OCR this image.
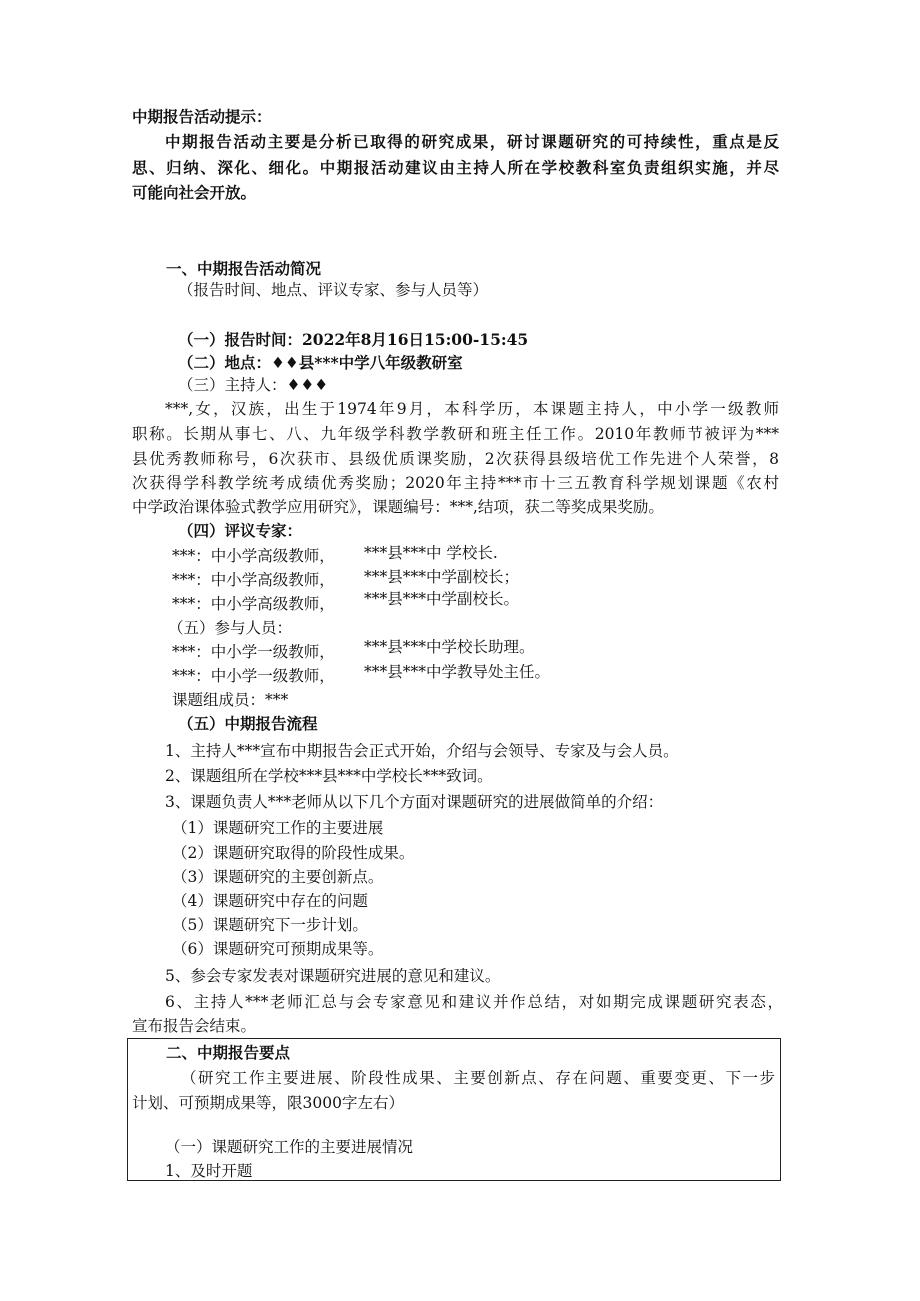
中期报告活动提示：
中期报告活动主要是分析已取得的研究成果，研讨课题研究的可持续性，重点是反
思、归纳、深化、细化。中期报活动建议由主持人所在学校教科室负责组织实施，并尽
可能向社会开放。
一、中期报告活动简况
（报告时间、地点、评议专家、参与人员等）
（一）报告时间：2022年8月16日15:00-15:45
（二）地点：♦♦县***中学八年级教研室
（三）主持人：♦♦♦
***,女，汉族，出生于1974年9月，本科学历，本课题主持人，中小学一级教师
职称。长期从事七、八、九年级学科教学教研和班主任工作。2010年教师节被评为***
县优秀教师称号，6次获市、县级优质课奖励，2次获得县级培优工作先进个人荣誉，8
次获得学科教学统考成绩优秀奖励；2020年主持***市十三五教育科学规划课题《农村
中学政治课体验式教学应用研究》，课题编号：***,结项，获二等奖成果奖励。
（四）评议专家：
***：中小学高级教师， ***县***中 学校长.
***：中小学高级教师， ***县***中学副校长；
***：中小学高级教师， ***县***中学副校长。
（五）参与人员：
***：中小学一级教师， ***县***中学校长助理。
***：中小学一级教师， ***县***中学教导处主任。
课题组成员：***
（五）中期报告流程
1、主持人***宣布中期报告会正式开始，介绍与会领导、专家及与会人员。
2、课题组所在学校***县***中学校长***致词。
3、课题负责人***老师从以下几个方面对课题研究的进展做简单的介绍：
（1）课题研究工作的主要进展
（2）课题研究取得的阶段性成果。
（3）课题研究的主要创新点。
（4）课题研究中存在的问题
（5）课题研究下一步计划。
（6）课题研究可预期成果等。
5、参会专家发表对课题研究进展的意见和建议。
6、主持人***老师汇总与会专家意见和建议并作总结，对如期完成课题研究表态，
宣布报告会结束。
二、中期报告要点
（研究工作主要进展、阶段性成果、主要创新点、存在问题、重要变更、下一步
计划、可预期成果等，限3000字左右）
（一）课题研究工作的主要进展情况
1、及时开题
